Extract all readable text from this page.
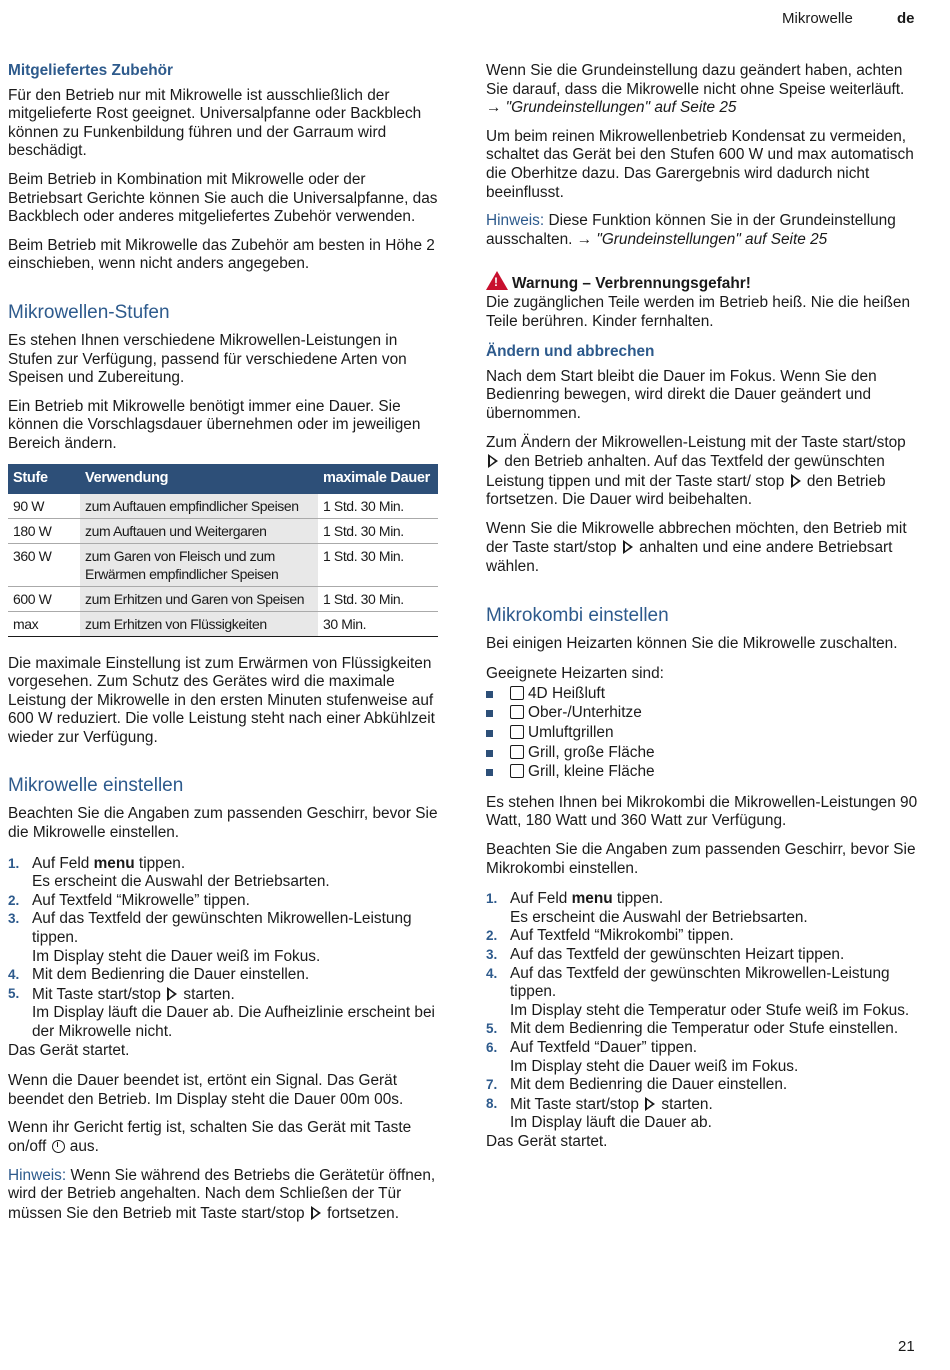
Mikrowelle	de
Mitgeliefertes Zubehör

Für den Betrieb nur mit Mikrowelle ist ausschließlich der mitgelieferte Rost geeignet. Universalpfanne oder Backblech können zu Funkenbildung führen und der Garraum wird beschädigt.

Beim Betrieb in Kombination mit Mikrowelle oder der Betriebsart Gerichte können Sie auch die Universalpfanne, das Backblech oder anderes mitgeliefertes Zubehör verwenden.

Beim Betrieb mit Mikrowelle das Zubehör am besten in Höhe 2 einschieben, wenn nicht anders angegeben.

Mikrowellen-Stufen

Es stehen Ihnen verschiedene Mikrowellen-Leistungen in Stufen zur Verfügung, passend für verschiedene Arten von Speisen und Zubereitung.

Ein Betrieb mit Mikrowelle benötigt immer eine Dauer. Sie können die Vorschlagsdauer übernehmen oder im jeweiligen Bereich ändern.

Stufe	Verwendung	maximale Dauer
90 W	zum Auftauen empfindlicher Speisen	1 Std. 30 Min.
180 W	zum Auftauen und Weitergaren	1 Std. 30 Min.
360 W	zum Garen von Fleisch und zum Erwärmen empfindlicher Speisen	1 Std. 30 Min.
600 W	zum Erhitzen und Garen von Speisen	1 Std. 30 Min.
max	zum Erhitzen von Flüssigkeiten	30 Min.

Die maximale Einstellung ist zum Erwärmen von Flüssigkeiten vorgesehen. Zum Schutz des Gerätes wird die maximale Leistung der Mikrowelle in den ersten Minuten stufenweise auf 600 W reduziert. Die volle Leistung steht nach einer Abkühlzeit wieder zur Verfügung.

Mikrowelle einstellen

Beachten Sie die Angaben zum passenden Geschirr, bevor Sie die Mikrowelle einstellen.

1. Auf Feld menu tippen.
Es erscheint die Auswahl der Betriebsarten.
2. Auf Textfeld “Mikrowelle” tippen.
3. Auf das Textfeld der gewünschten Mikrowellen-Leistung tippen.
Im Display steht die Dauer weiß im Fokus.
4. Mit dem Bedienring die Dauer einstellen.
5. Mit Taste start/stop  starten.
Im Display läuft die Dauer ab. Die Aufheizlinie erscheint bei der Mikrowelle nicht.

Das Gerät startet.

Wenn die Dauer beendet ist, ertönt ein Signal. Das Gerät beendet den Betrieb. Im Display steht die Dauer 00m 00s.

Wenn ihr Gericht fertig ist, schalten Sie das Gerät mit Taste on/off  aus.

Hinweis: Wenn Sie während des Betriebs die Gerätetür öffnen, wird der Betrieb angehalten. Nach dem Schließen der Tür müssen Sie den Betrieb mit Taste start/stop  fortsetzen.

Wenn Sie die Grundeinstellung dazu geändert haben, achten Sie darauf, dass die Mikrowelle nicht ohne Speise weiterläuft. → "Grundeinstellungen" auf Seite 25

Um beim reinen Mikrowellenbetrieb Kondensat zu vermeiden, schaltet das Gerät bei den Stufen 600 W und max automatisch die Oberhitze dazu. Das Garergebnis wird dadurch nicht beeinflusst.

Hinweis: Diese Funktion können Sie in der Grundeinstellung ausschalten. → "Grundeinstellungen" auf Seite 25

!Warnung – Verbrennungsgefahr!

Die zugänglichen Teile werden im Betrieb heiß. Nie die heißen Teile berühren. Kinder fernhalten.

Ändern und abbrechen

Nach dem Start bleibt die Dauer im Fokus. Wenn Sie den Bedienring bewegen, wird direkt die Dauer geändert und übernommen.

Zum Ändern der Mikrowellen-Leistung mit der Taste start/stop  den Betrieb anhalten. Auf das Textfeld der gewünschten Leistung tippen und mit der Taste start/ stop  den Betrieb fortsetzen. Die Dauer wird beibehalten.

Wenn Sie die Mikrowelle abbrechen möchten, den Betrieb mit der Taste start/stop  anhalten und eine andere Betriebsart wählen.

Mikrokombi einstellen

Bei einigen Heizarten können Sie die Mikrowelle zuschalten.

Geeignete Heizarten sind:

4D Heißluft
Ober-/Unterhitze
Umluftgrillen
Grill, große Fläche
Grill, kleine Fläche

Es stehen Ihnen bei Mikrokombi die Mikrowellen-Leistungen 90 Watt, 180 Watt und 360 Watt zur Verfügung.

Beachten Sie die Angaben zum passenden Geschirr, bevor Sie Mikrokombi einstellen.

1. Auf Feld menu tippen.
Es erscheint die Auswahl der Betriebsarten.
2. Auf Textfeld “Mikrokombi” tippen.
3. Auf das Textfeld der gewünschten Heizart tippen.
4. Auf das Textfeld der gewünschten Mikrowellen-Leistung tippen.
Im Display steht die Temperatur oder Stufe weiß im Fokus.
5. Mit dem Bedienring die Temperatur oder Stufe einstellen.
6. Auf Textfeld “Dauer” tippen.
Im Display steht die Dauer weiß im Fokus.
7. Mit dem Bedienring die Dauer einstellen.
8. Mit Taste start/stop  starten.
Im Display läuft die Dauer ab.

Das Gerät startet.

21
